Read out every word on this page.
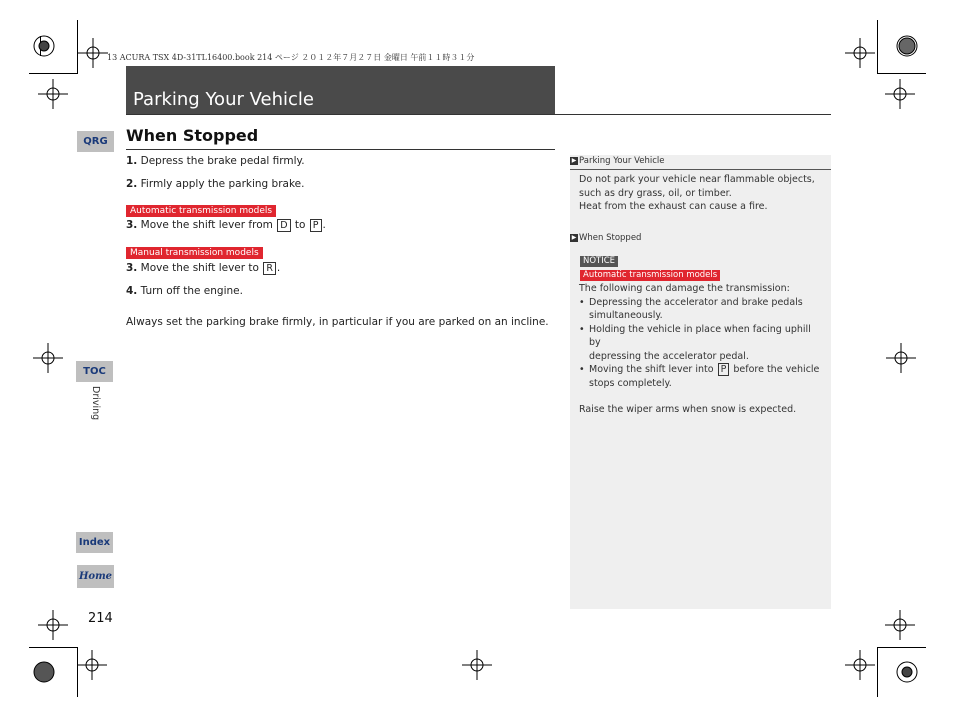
13 ACURA TSX 4D-31TL16400.book 214 ページ ２０１２年７月２７日 金曜日 午前１１時３１分
Parking Your Vehicle
When Stopped
1. Depress the brake pedal firmly.
2. Firmly apply the parking brake.
Automatic transmission models
3. Move the shift lever from D to P .
Manual transmission models
3. Move the shift lever to R .
4. Turn off the engine.
Always set the parking brake firmly, in particular if you are parked on an incline.
▶ Parking Your Vehicle
Do not park your vehicle near flammable objects,
such as dry grass, oil, or timber.
Heat from the exhaust can cause a fire.
▶ When Stopped
NOTICE
Automatic transmission models
The following can damage the transmission:
• Depressing the accelerator and brake pedals
simultaneously.
• Holding the vehicle in place when facing uphill by
depressing the accelerator pedal.
• Moving the shift lever into P before the vehicle
stops completely.
Raise the wiper arms when snow is expected.
QRG
TOC
Driving
Index
Home
214
